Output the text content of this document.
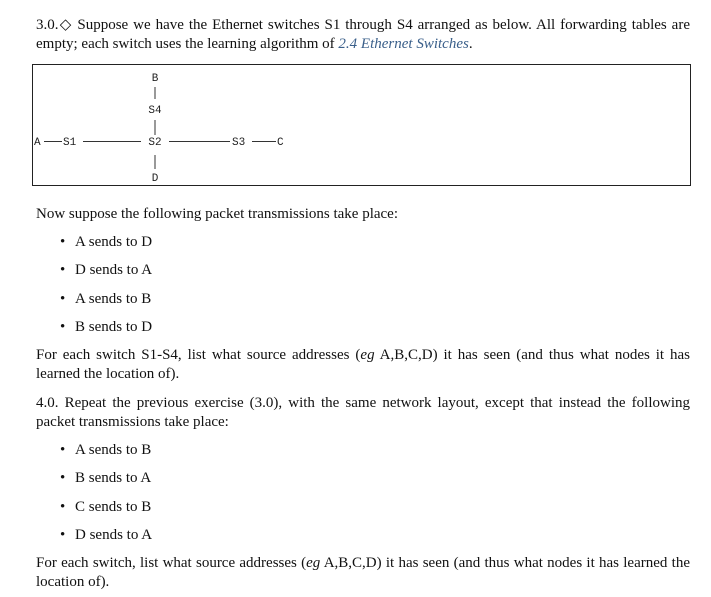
3.0.◇ Suppose we have the Ethernet switches S1 through S4 arranged as below. All forwarding tables are empty; each switch uses the learning algorithm of 2.4 Ethernet Switches.
B
S4
A S1	S2	S3	C
D
Now suppose the following packet transmissions take place:
• A sends to D
• D sends to A
• A sends to B
• B sends to D
For each switch S1-S4, list what source addresses (eg A,B,C,D) it has seen (and thus what nodes it has learned the location of).
4.0. Repeat the previous exercise (3.0), with the same network layout, except that instead the following packet transmissions take place:
• A sends to B
• B sends to A
• C sends to B
• D sends to A
For each switch, list what source addresses (eg A,B,C,D) it has seen (and thus what nodes it has learned the location of).
